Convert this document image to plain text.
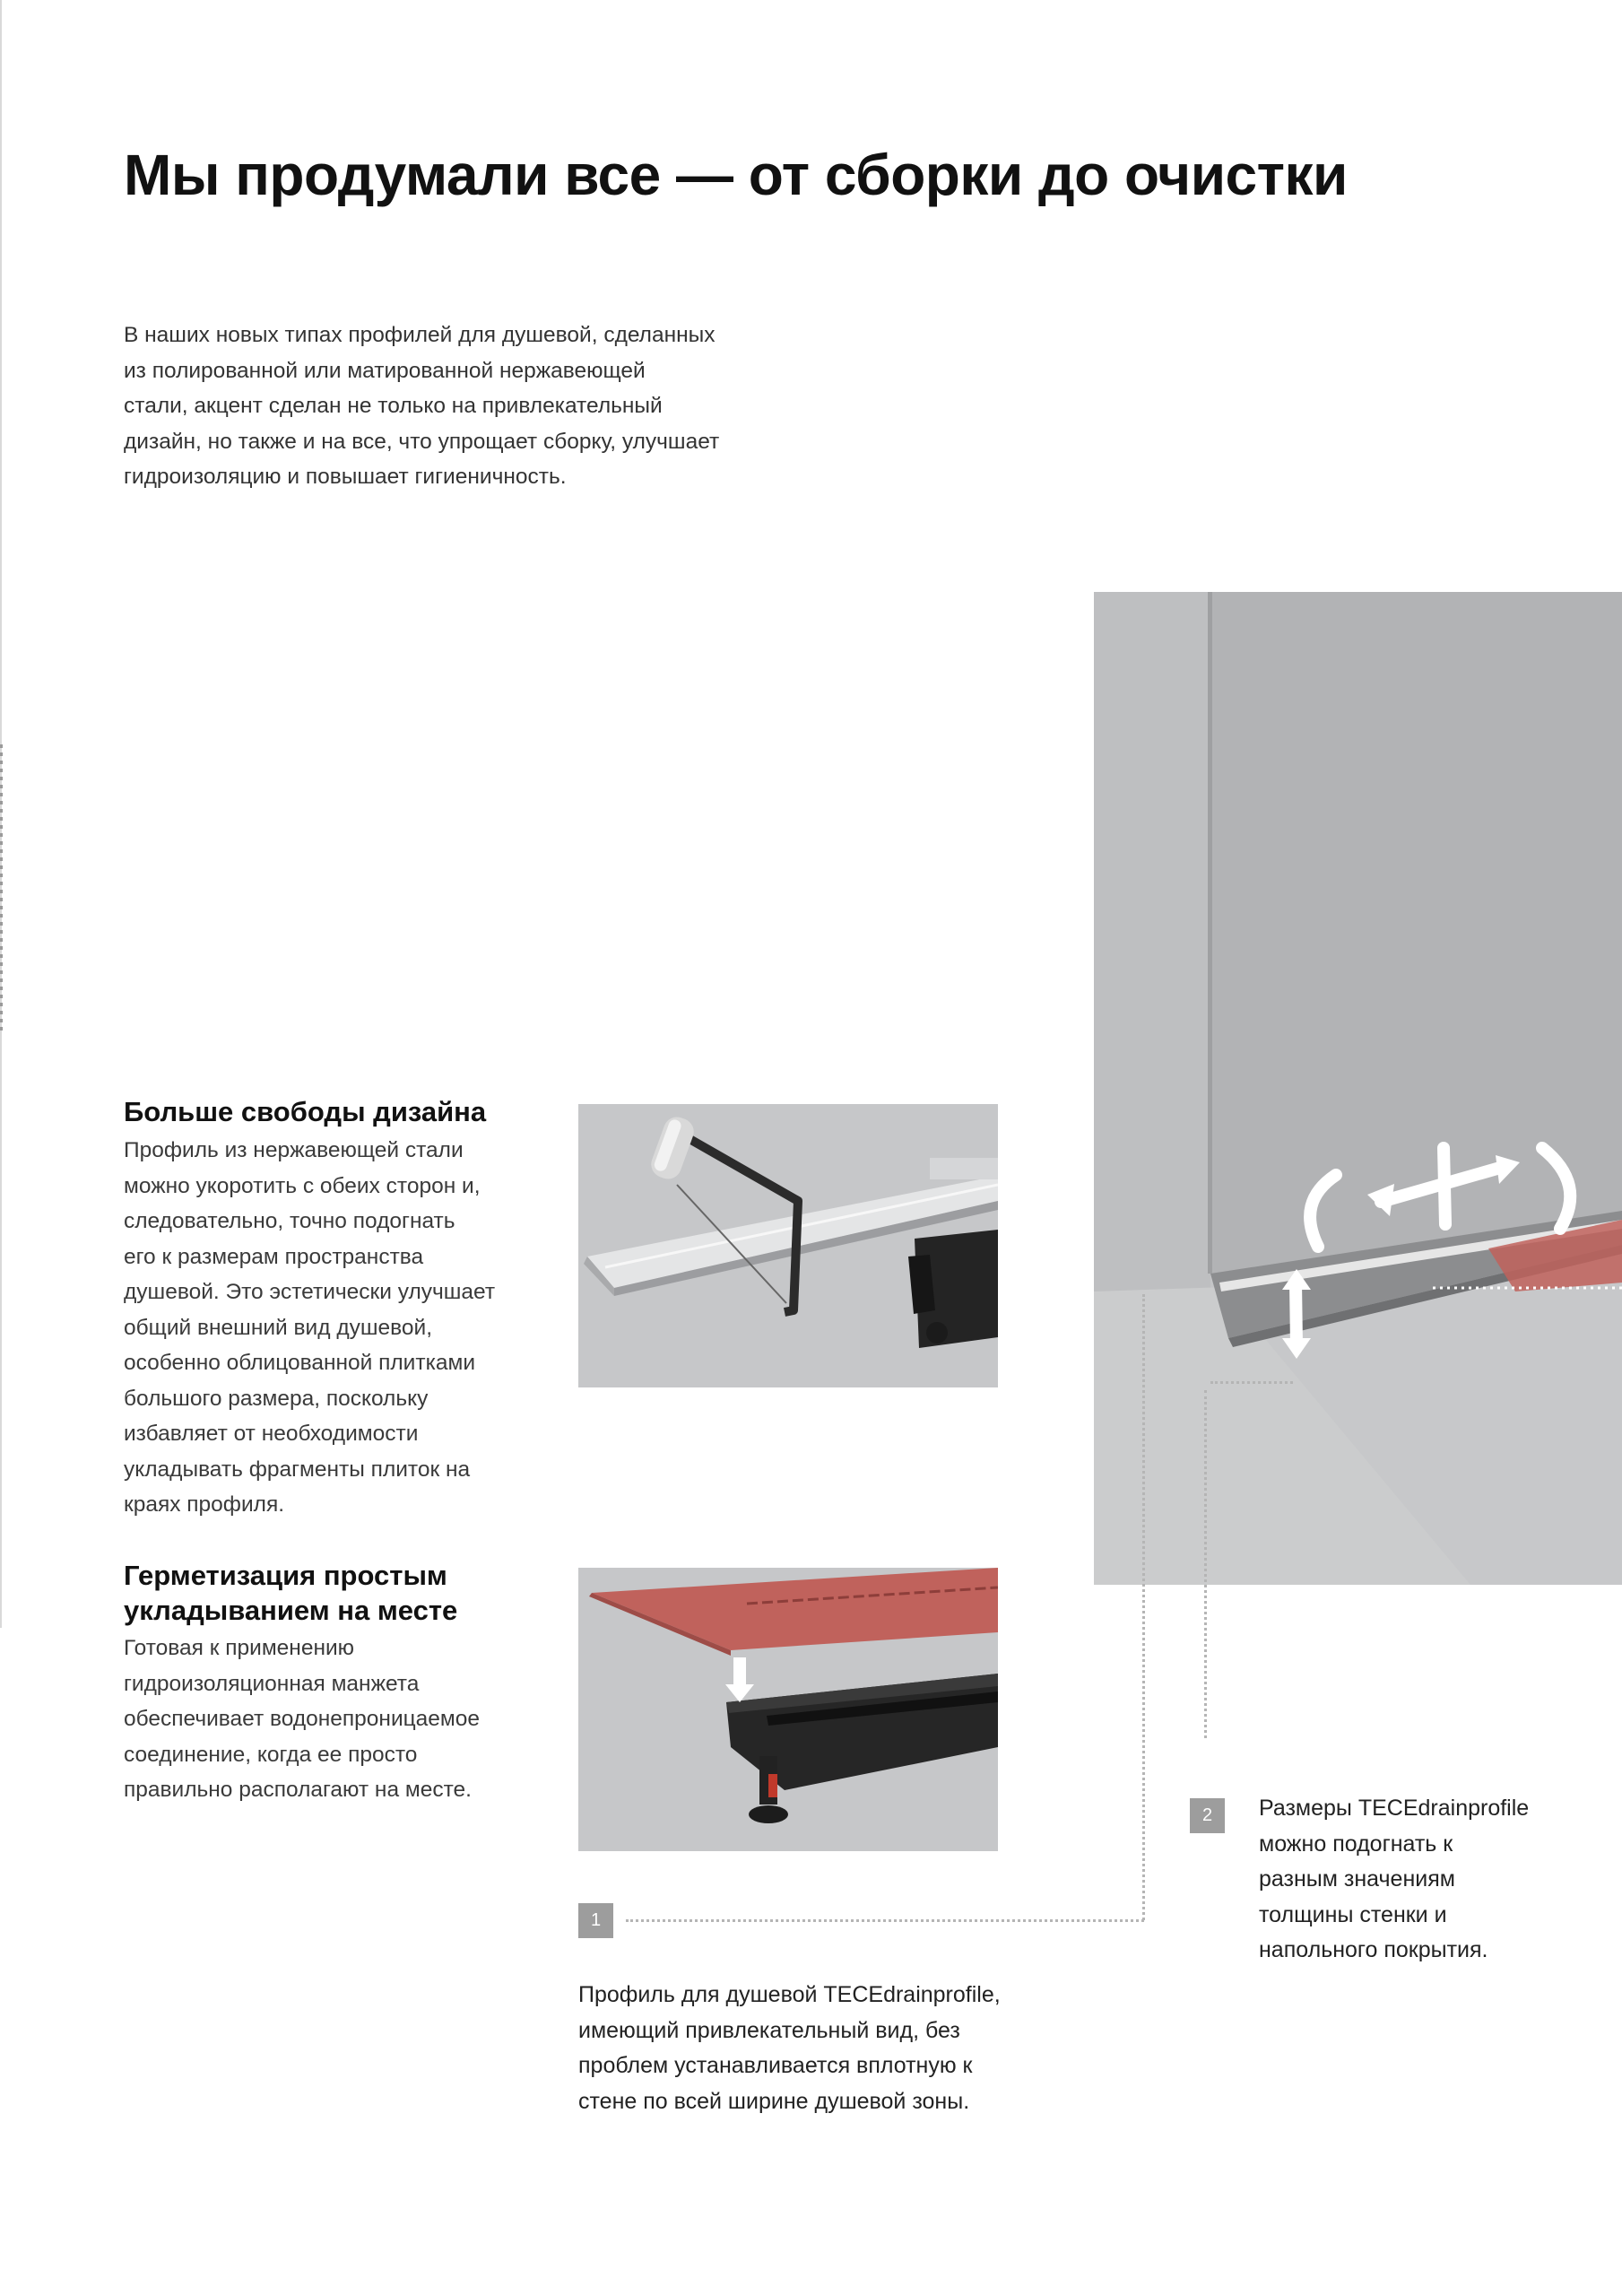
Мы продумали все — от сборки до очистки

В наших новых типах профилей для душевой, сделанных
из полированной или матированной нержавеющей
стали, акцент сделан не только на привлекательный
дизайн, но также и на все, что упрощает сборку, улучшает
гидроизоляцию и повышает гигиеничность.

Больше свободы дизайна

Профиль из нержавеющей стали
можно укоротить с обеих сторон и,
следовательно, точно подогнать
его к размерам пространства
душевой. Это эстетически улучшает
общий внешний вид душевой,
особенно облицованной плитками
большого размера, поскольку
избавляет от необходимости
укладывать фрагменты плиток на
краях профиля.

Герметизация простым
укладыванием на месте

Готовая к применению
гидроизоляционная манжета
обеспечивает водонепроницаемое
соединение, когда ее просто
правильно располагают на месте.

1

Профиль для душевой TECEdrainprofile,
имеющий привлекательный вид, без
проблем устанавливается вплотную к
стене по всей ширине душевой зоны.

2	Размеры TECEdrainprofile
можно подогнать к
разным значениям
толщины стенки и
напольного покрытия.
